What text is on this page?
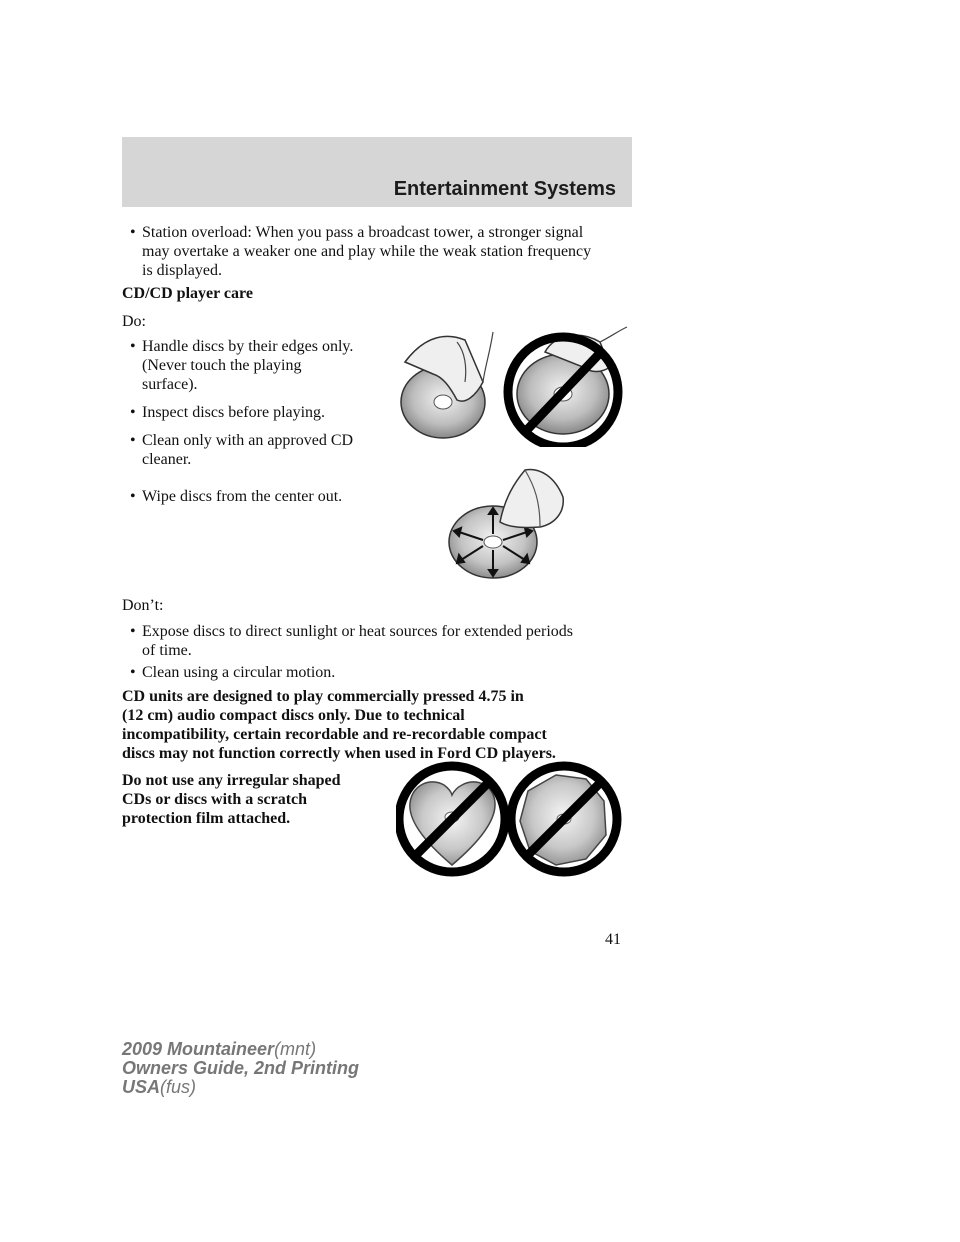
Entertainment Systems
• Station overload: When you pass a broadcast tower, a stronger signal

may overtake a weaker one and play while the weak station frequency

is displayed.

CD/CD player care

Do:

• Handle discs by their edges only.

(Never touch the playing

surface).

• Inspect discs before playing.

• Clean only with an approved CD

cleaner.

• Wipe discs from the center out.

Don’t:

• Expose discs to direct sunlight or heat sources for extended periods

of time.

• Clean using a circular motion.

CD units are designed to play commercially pressed 4.75 in

(12 cm) audio compact discs only. Due to technical

incompatibility, certain recordable and re-recordable compact

discs may not function correctly when used in Ford CD players.

Do not use any irregular shaped

CDs or discs with a scratch

protection film attached.

41
2009 Mountaineer(mnt)
Owners Guide, 2nd Printing
USA(fus)
